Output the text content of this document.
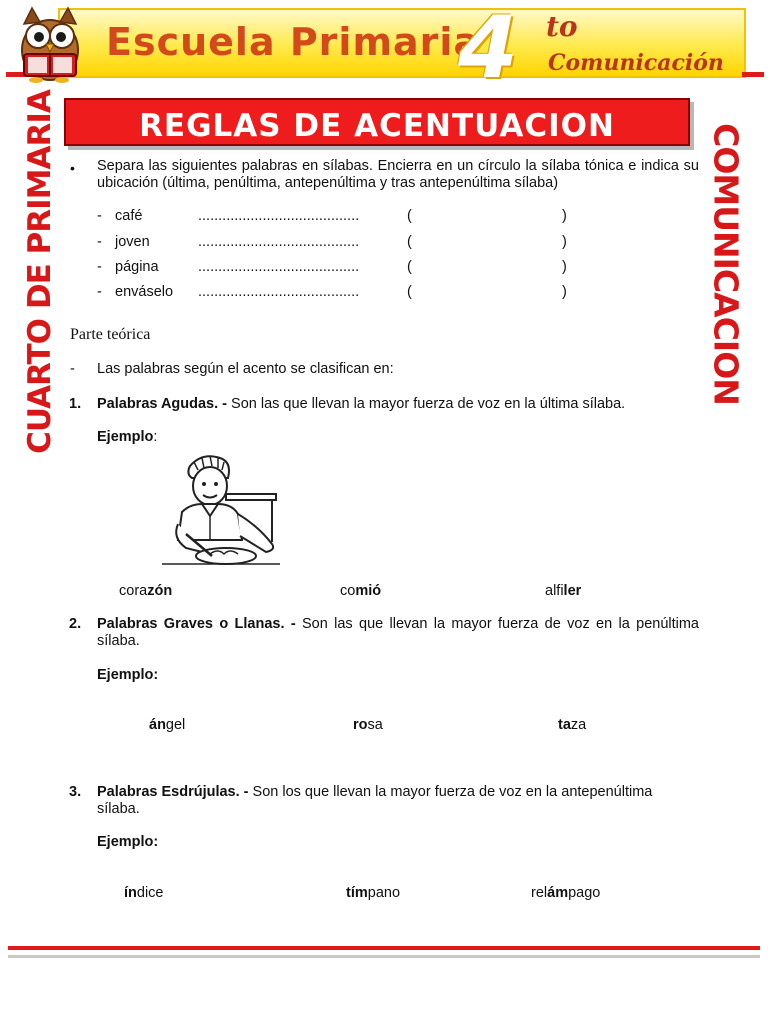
Escuela Primaria
4 to
Comunicación
REGLAS DE ACENTUACION
CUARTO DE PRIMARIA	COMUNICACION
• Separa las siguientes palabras en sílabas. Encierra en un círculo la sílaba tónica e indica su ubicación (última, penúltima, antepenúltima y tras antepenúltima sílaba)
- café	........................................	(	)
- joven	........................................	(	)
- página	........................................	(	)
- enváselo ........................................	(	)
Parte teórica
- Las palabras según el acento se clasifican en:
1. Palabras Agudas. - Son las que llevan la mayor fuerza de voz en la última sílaba.
Ejemplo:
corazón	comió	alfiler
2. Palabras Graves o Llanas. - Son las que llevan la mayor fuerza de voz en la penúltima sílaba.
Ejemplo:
ángel	rosa	taza
3. Palabras Esdrújulas. - Son los que llevan la mayor fuerza de voz en la antepenúltima sílaba.
Ejemplo:
índice	tímpano	relámpago
